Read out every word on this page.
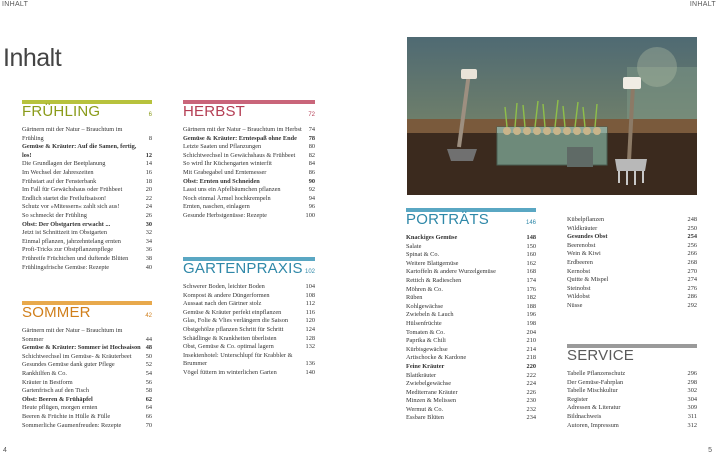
INHALT	INHALT
Inhalt
FRÜHLING	6
Gärtnern mit der Natur – Brauchtum im Frühling	8
Gemüse & Kräuter: Auf die Samen, fertig, los!	12
Die Grundlagen der Beetplanung	14
Im Wechsel der Jahreszeiten	16
Frühstart auf der Fensterbank	18
Im Fall für Gewächshaus oder Frühbeet	20
Endlich startet die Freiluftsaison!	22
Schutz vor »Mitessern« zahlt sich aus!	24
So schmeckt der Frühling	26
Obst: Der Obstgarten erwacht ...	30
Jetzt ist Schnittzeit im Obstgarten	32
Einmal pflanzen, jahrzehntelang ernten	34
Profi-Tricks zur Obstpflanzenpflege	36
Frühreife Früchtchen und duftende Blüten	38
Frühlingsfrische Gemüse: Rezepte	40
SOMMER	42
Gärtnern mit der Natur – Brauchtum im Sommer	44
Gemüse & Kräuter: Sommer ist Hochsaison 48
Schichtwechsel im Gemüse- & Kräuterbeet	50
Gesundes Gemüse dank guter Pflege	52
Rankhilfen & Co.	54
Kräuter in Bestform	56
Gartenfrisch auf den Tisch	58
Obst: Beeren & Frühäpfel	62
Heute pflügen, morgen ernten	64
Beeren & Früchte in Hülle & Fülle	66
Sommerliche Gaumenfreuden: Rezepte	70
HERBST	72
Gärtnern mit der Natur – Brauchtum im Herbst	74
Gemüse & Kräuter: Erntespaß ohne Ende	78
Letzte Saaten und Pflanzungen	80
Schichtwechsel in Gewächshaus & Frühbeet	82
So wird Ihr Küchengarten winterfit	84
Mit Grabegabel und Erntemesser	86
Obst: Ernten und Schneiden	90
Lasst uns ein Apfelbäumchen pflanzen	92
Noch einmal Ärmel hochkrempeln	94
Ernten, naschen, einlagern	96
Gesunde Herbstgenüsse: Rezepte	100
GARTENPRAXIS 102
Schwerer Boden, leichter Boden	104
Kompost & andere Düngerformen	108
Aussaat nach den Gärtner stolz	112
Gemüse & Kräuter perfekt einpflanzen	116
Glas, Folie & Vlies verlängern die Saison	120
Obstgehölze pflanzen Schritt für Schritt	124
Schädlinge & Krankheiten überlisten	128
Obst, Gemüse & Co. optimal lagern	132
Insektenhotel: Unterschlupf für Krabbler & Brummer	136
Vögel füttern im winterlichen Garten	140
PORTRÄTS	146
Knackiges Gemüse	148
Salate	150
Spinat & Co.	160
Weitere Blattgemüse	162
Kartoffeln & andere Wurzelgemüse	168
Rettich & Radieschen	174
Möhren & Co.	176
Rüben	182
Kohlgewächse	188
Zwiebeln & Lauch	196
Hülsenfrüchte	198
Tomaten & Co.	204
Paprika & Chili	210
Kürbisgewächse	214
Artischocke & Kardone	218
Feine Kräuter	220
Blattkräuter	222
Zwiebelgewächse	224
Mediterrane Kräuter	226
Minzen & Melissen	230
Wermut & Co.	232
Essbare Blüten	234
Kübelpflanzen	248
Wildkräuter	250
Gesundes Obst	254
Beerenobst	256
Wein & Kiwi	266
Erdbeeren	268
Kernobst	270
Quitte & Mispel	274
Steinobst	276
Wildobst	286
Nüsse	292
SERVICE
Tabelle Pflanzenschutz	296
Der Gemüse-Fahrplan	298
Tabelle Mischkultur	302
Register	304
Adressen & Literatur	309
Bildnachweis	311
Autoren, Impressum	312
4	5
